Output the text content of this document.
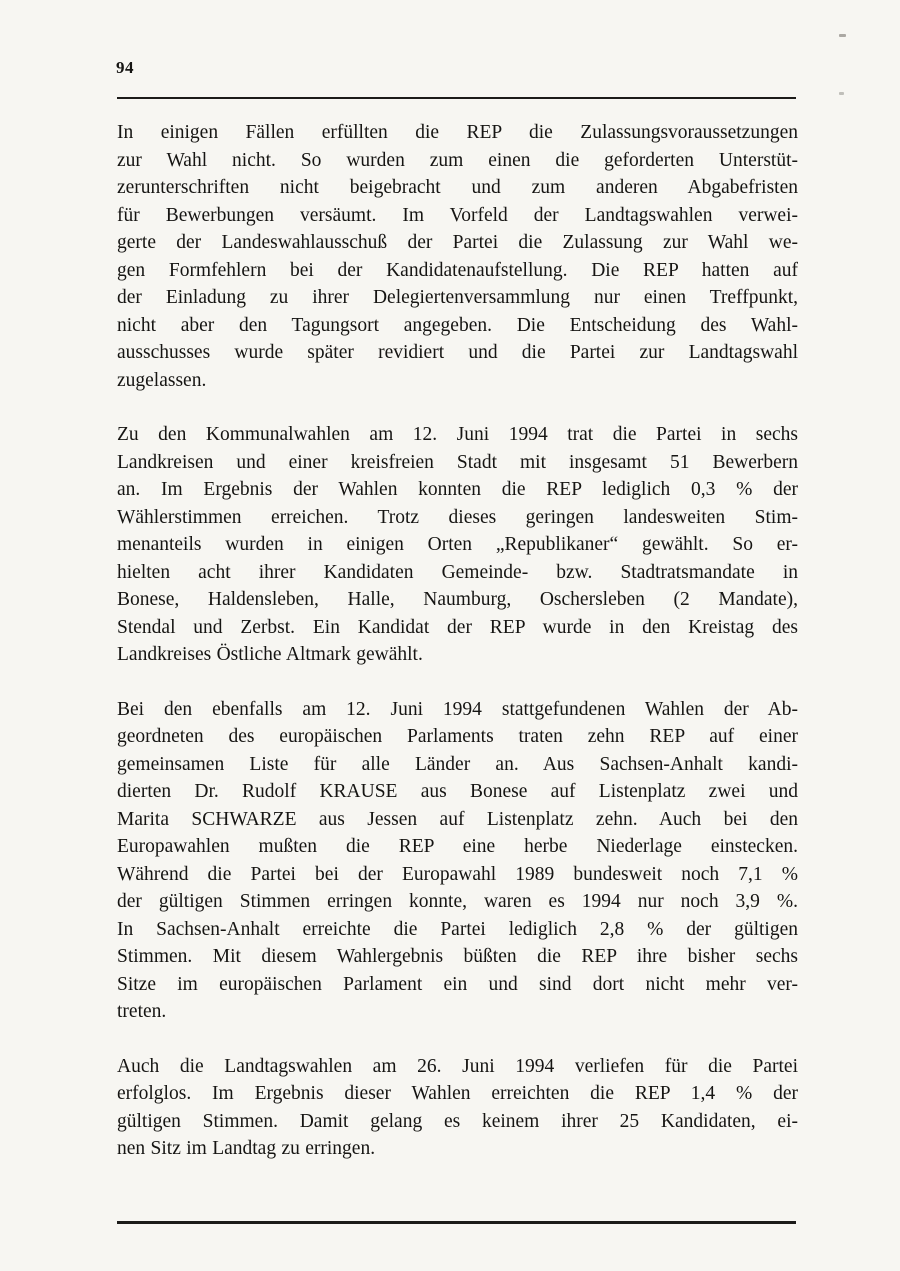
94
In einigen Fällen erfüllten die REP die Zulassungsvoraussetzungen
zur Wahl nicht. So wurden zum einen die geforderten Unterstüt-
zerunterschriften nicht beigebracht und zum anderen Abgabefristen
für Bewerbungen versäumt. Im Vorfeld der Landtagswahlen verwei-
gerte der Landeswahlausschuß der Partei die Zulassung zur Wahl we-
gen Formfehlern bei der Kandidatenaufstellung. Die REP hatten auf
der Einladung zu ihrer Delegiertenversammlung nur einen Treffpunkt,
nicht aber den Tagungsort angegeben. Die Entscheidung des Wahl-
ausschusses wurde später revidiert und die Partei zur Landtagswahl
zugelassen.
Zu den Kommunalwahlen am 12. Juni 1994 trat die Partei in sechs
Landkreisen und einer kreisfreien Stadt mit insgesamt 51 Bewerbern
an. Im Ergebnis der Wahlen konnten die REP lediglich 0,3 % der
Wählerstimmen erreichen. Trotz dieses geringen landesweiten Stim-
menanteils wurden in einigen Orten „Republikaner“ gewählt. So er-
hielten acht ihrer Kandidaten Gemeinde- bzw. Stadtratsmandate in
Bonese, Haldensleben, Halle, Naumburg, Oschersleben (2 Mandate),
Stendal und Zerbst. Ein Kandidat der REP wurde in den Kreistag des
Landkreises Östliche Altmark gewählt.
Bei den ebenfalls am 12. Juni 1994 stattgefundenen Wahlen der Ab-
geordneten des europäischen Parlaments traten zehn REP auf einer
gemeinsamen Liste für alle Länder an. Aus Sachsen-Anhalt kandi-
dierten Dr. Rudolf KRAUSE aus Bonese auf Listenplatz zwei und
Marita SCHWARZE aus Jessen auf Listenplatz zehn. Auch bei den
Europawahlen mußten die REP eine herbe Niederlage einstecken.
Während die Partei bei der Europawahl 1989 bundesweit noch 7,1 %
der gültigen Stimmen erringen konnte, waren es 1994 nur noch 3,9 %.
In Sachsen-Anhalt erreichte die Partei lediglich 2,8 % der gültigen
Stimmen. Mit diesem Wahlergebnis büßten die REP ihre bisher sechs
Sitze im europäischen Parlament ein und sind dort nicht mehr ver-
treten.
Auch die Landtagswahlen am 26. Juni 1994 verliefen für die Partei
erfolglos. Im Ergebnis dieser Wahlen erreichten die REP 1,4 % der
gültigen Stimmen. Damit gelang es keinem ihrer 25 Kandidaten, ei-
nen Sitz im Landtag zu erringen.
